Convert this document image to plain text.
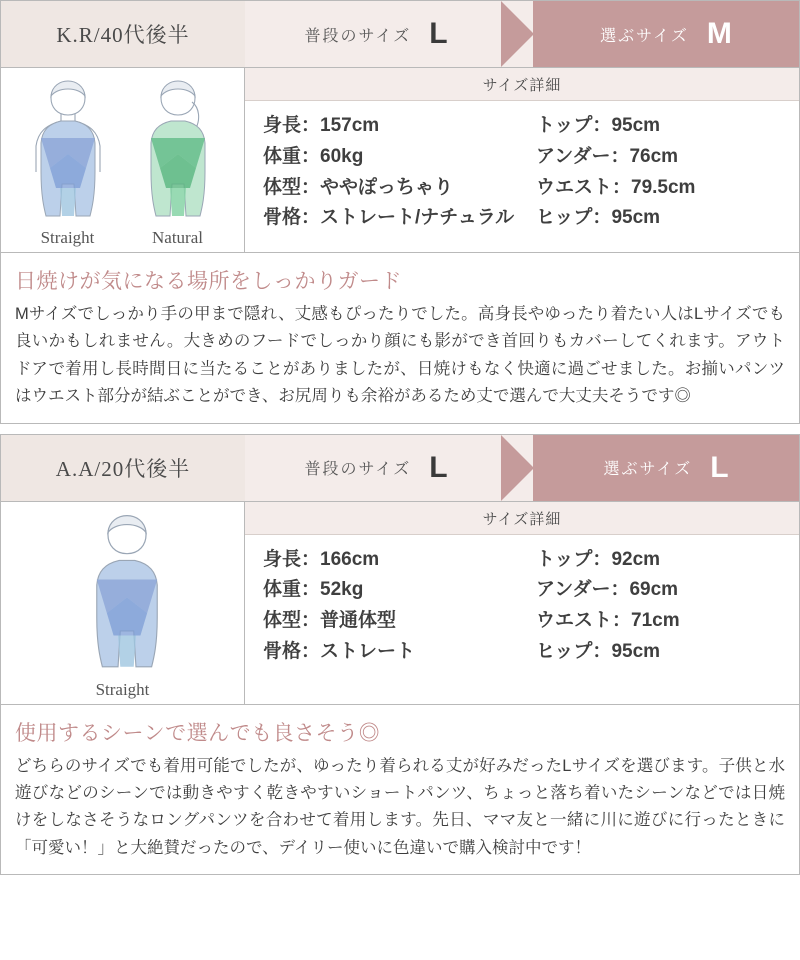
K.R/40代後半	普段のサイズ L	選ぶサイズ M
Straight	Natural
サイズ詳細
身長：157cm
体重：60kg
体型：ややぽっちゃり
骨格：ストレート/ナチュラル
トップ：95cm
アンダー：76cm
ウエスト：79.5cm
ヒップ：95cm
日焼けが気になる場所をしっかりガード
Mサイズでしっかり手の甲まで隠れ、丈感もぴったりでした。高身長やゆったり着たい人はLサイズでも良いかもしれません。大きめのフードでしっかり顔にも影ができ首回りもカバーしてくれます。アウトドアで着用し長時間日に当たることがありましたが、日焼けもなく快適に過ごせました。お揃いパンツはウエスト部分が結ぶことができ、お尻周りも余裕があるため丈で選んで大丈夫そうです◎
A.A/20代後半	普段のサイズ L	選ぶサイズ L
Straight
サイズ詳細
身長：166cm
体重：52kg
体型：普通体型
骨格：ストレート
トップ：92cm
アンダー：69cm
ウエスト：71cm
ヒップ：95cm
使用するシーンで選んでも良さそう◎
どちらのサイズでも着用可能でしたが、ゆったり着られる丈が好みだったLサイズを選びます。子供と水遊びなどのシーンでは動きやすく乾きやすいショートパンツ、ちょっと落ち着いたシーンなどでは日焼けをしなさそうなロングパンツを合わせて着用します。先日、ママ友と一緒に川に遊びに行ったときに「可愛い！」と大絶賛だったので、デイリー使いに色違いで購入検討中です！
